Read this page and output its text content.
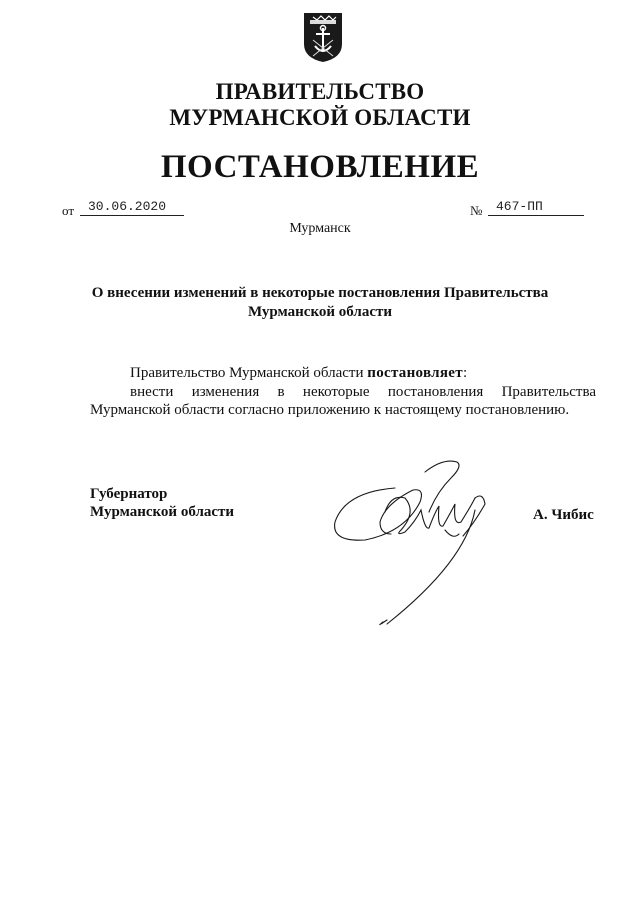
ПРАВИТЕЛЬСТВО
МУРМАНСКОЙ ОБЛАСТИ
ПОСТАНОВЛЕНИЕ
от	30.06.2020	№	467-ПП
Мурманск
О внесении изменений в некоторые постановления Правительства
Мурманской области
Правительство Мурманской области постановляет:
внести изменения в некоторые постановления Правительства
Мурманской области согласно приложению к настоящему постановлению.
Губернатор
Мурманской области	А. Чибис
